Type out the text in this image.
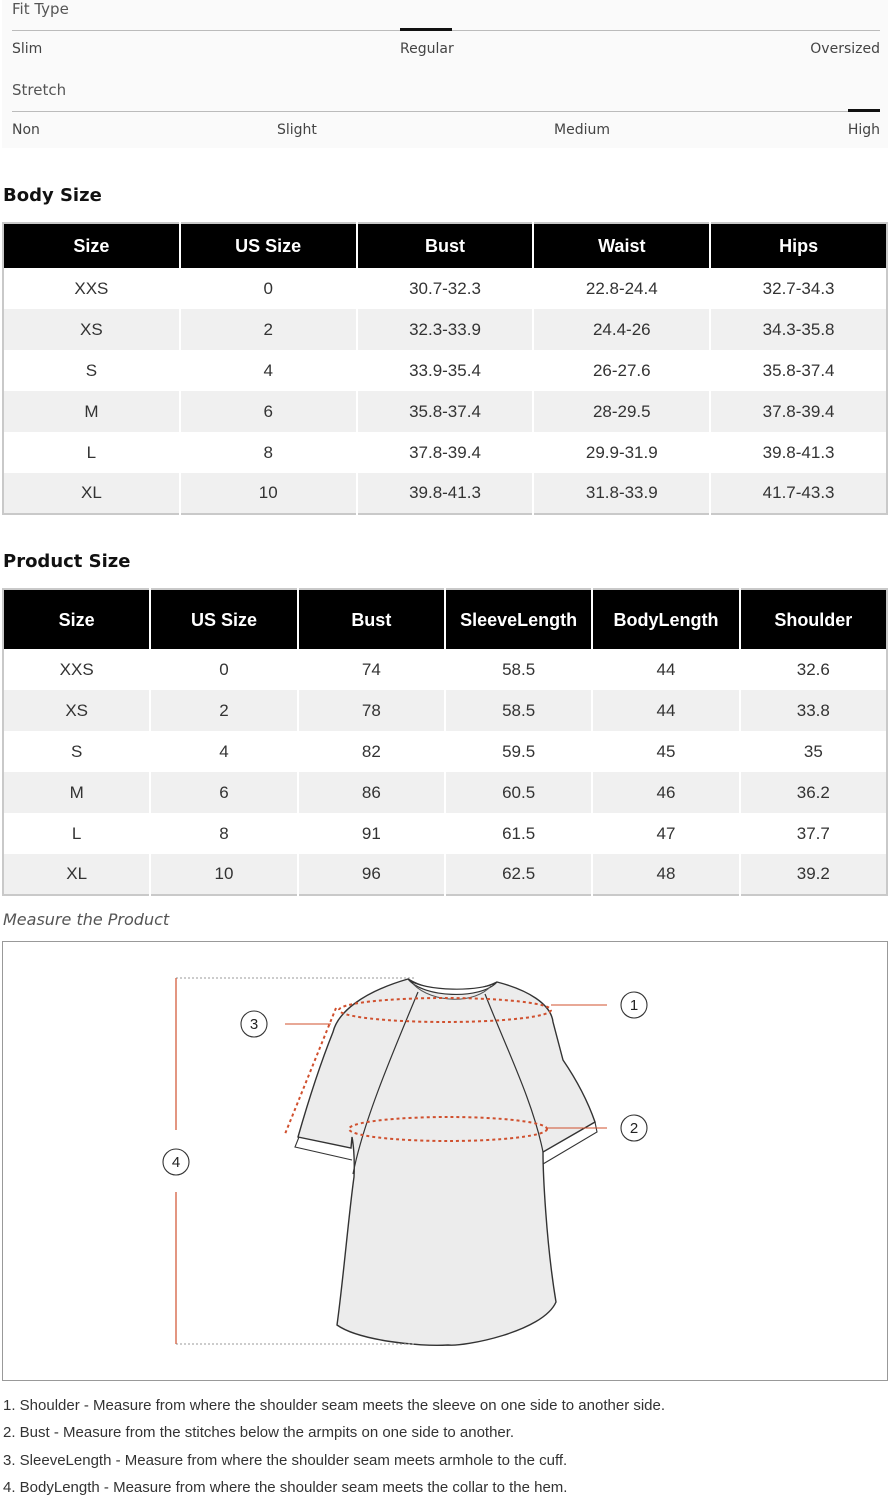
Fit Type
Slim	Regular	Oversized
Stretch
Non	Slight	Medium	High
Body Size
Size	US Size	Bust	Waist	Hips
XXS	0	30.7-32.3	22.8-24.4	32.7-34.3
XS	2	32.3-33.9	24.4-26	34.3-35.8
S	4	33.9-35.4	26-27.6	35.8-37.4
M	6	35.8-37.4	28-29.5	37.8-39.4
L	8	37.8-39.4	29.9-31.9	39.8-41.3
XL	10	39.8-41.3	31.8-33.9	41.7-43.3
Product Size
Size	US Size	Bust	SleeveLength	BodyLength	Shoulder
XXS	0	74	58.5	44	32.6
XS	2	78	58.5	44	33.8
S	4	82	59.5	45	35
M	6	86	60.5	46	36.2
L	8	91	61.5	47	37.7
XL	10	96	62.5	48	39.2
Measure the Product
1
2
3
4
1. Shoulder - Measure from where the shoulder seam meets the sleeve on one side to another side.
2. Bust - Measure from the stitches below the armpits on one side to another.
3. SleeveLength - Measure from where the shoulder seam meets armhole to the cuff.
4. BodyLength - Measure from where the shoulder seam meets the collar to the hem.
